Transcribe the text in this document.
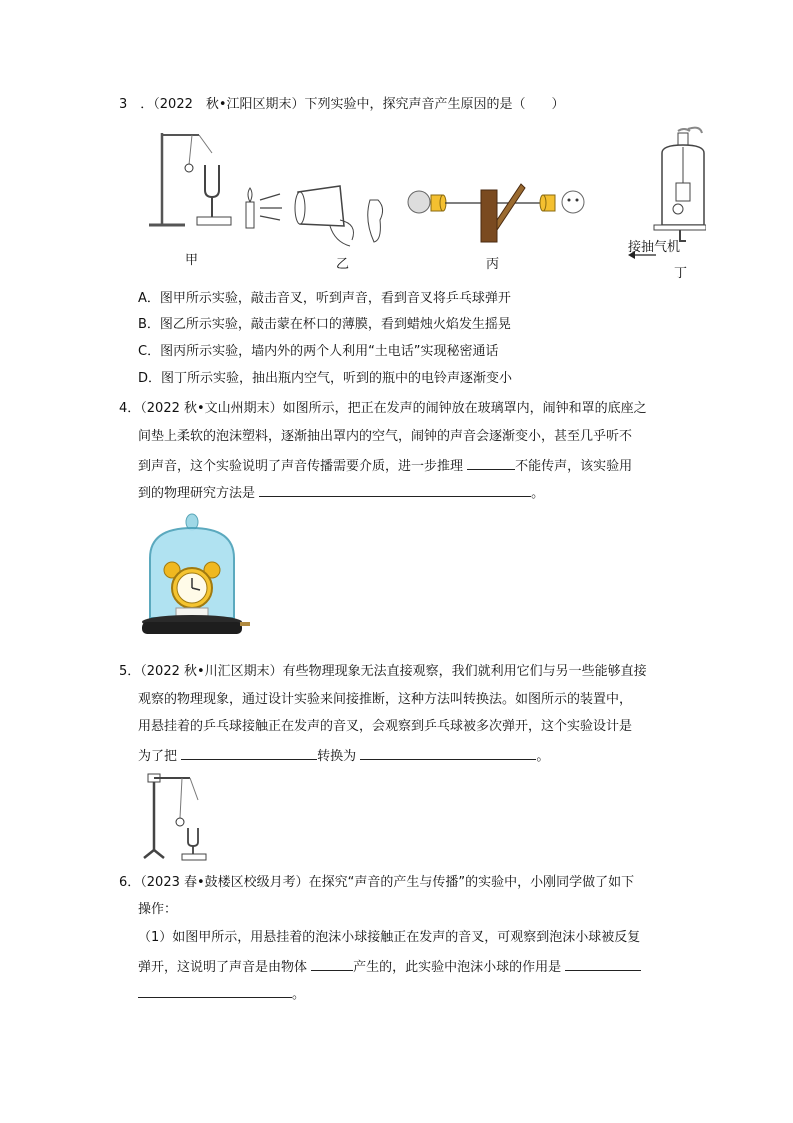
3　．（2022　秋•江阳区期末）下列实验中，探究声音产生原因的是（　　）
甲	乙	丙
接抽气机
丁
A．图甲所示实验，敲击音叉，听到声音，看到音叉将乒乓球弹开
B．图乙所示实验，敲击蒙在杯口的薄膜，看到蜡烛火焰发生摇晃
C．图丙所示实验，墙内外的两个人利用“土电话”实现秘密通话
D．图丁所示实验，抽出瓶内空气，听到的瓶中的电铃声逐渐变小
4．（2022 秋•文山州期末）如图所示，把正在发声的闹钟放在玻璃罩内，闹钟和罩的底座之
间垫上柔软的泡沫塑料，逐渐抽出罩内的空气，闹钟的声音会逐渐变小，甚至几乎听不
到声音，这个实验说明了声音传播需要介质，进一步推理	不能传声，该实验用
到的物理研究方法是	。
5．（2022 秋•川汇区期末）有些物理现象无法直接观察，我们就利用它们与另一些能够直接
观察的物理现象，通过设计实验来间接推断，这种方法叫转换法。如图所示的装置中，
用悬挂着的乒乓球接触正在发声的音叉，会观察到乒乓球被多次弹开，这个实验设计是
为了把	转换为	。
6．（2023 春•鼓楼区校级月考）在探究“声音的产生与传播”的实验中，小刚同学做了如下
操作：
（1）如图甲所示，用悬挂着的泡沫小球接触正在发声的音叉，可观察到泡沫小球被反复
弹开，这说明了声音是由物体	产生的，此实验中泡沫小球的作用是
。
